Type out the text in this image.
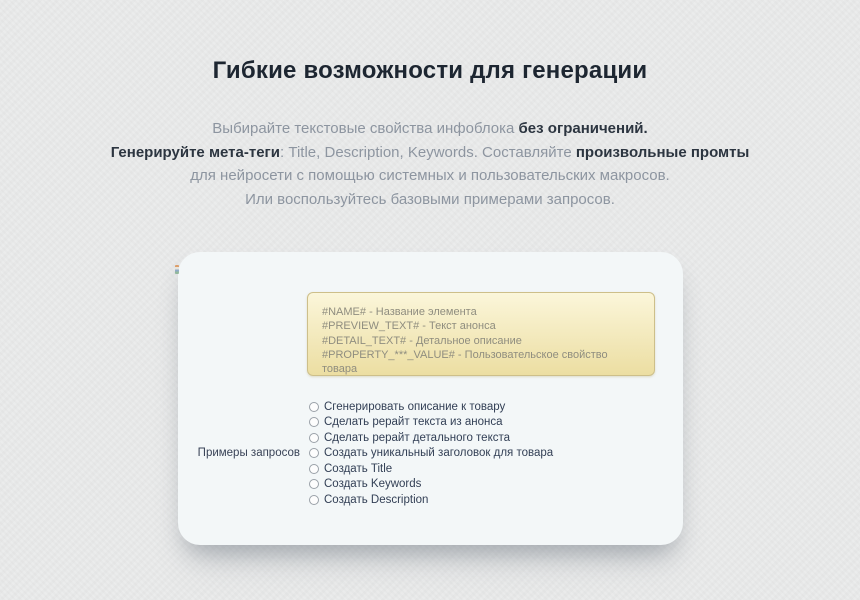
Гибкие возможности для генерации
Выбирайте текстовые свойства инфоблока без ограничений.
Генерируйте мета-теги: Title, Description, Keywords. Составляйте произвольные промты
для нейросети с помощью системных и пользовательских макросов.
Или воспользуйтесь базовыми примерами запросов.
#NAME# - Название элемента
#PREVIEW_TEXT# - Текст анонса
#DETAIL_TEXT# - Детальное описание
#PROPERTY_***_VALUE# - Пользовательское свойство товара
Примеры запросов
Сгенерировать описание к товару
Сделать рерайт текста из анонса
Сделать рерайт детального текста
Создать уникальный заголовок для товара
Создать Title
Создать Keywords
Создать Description
